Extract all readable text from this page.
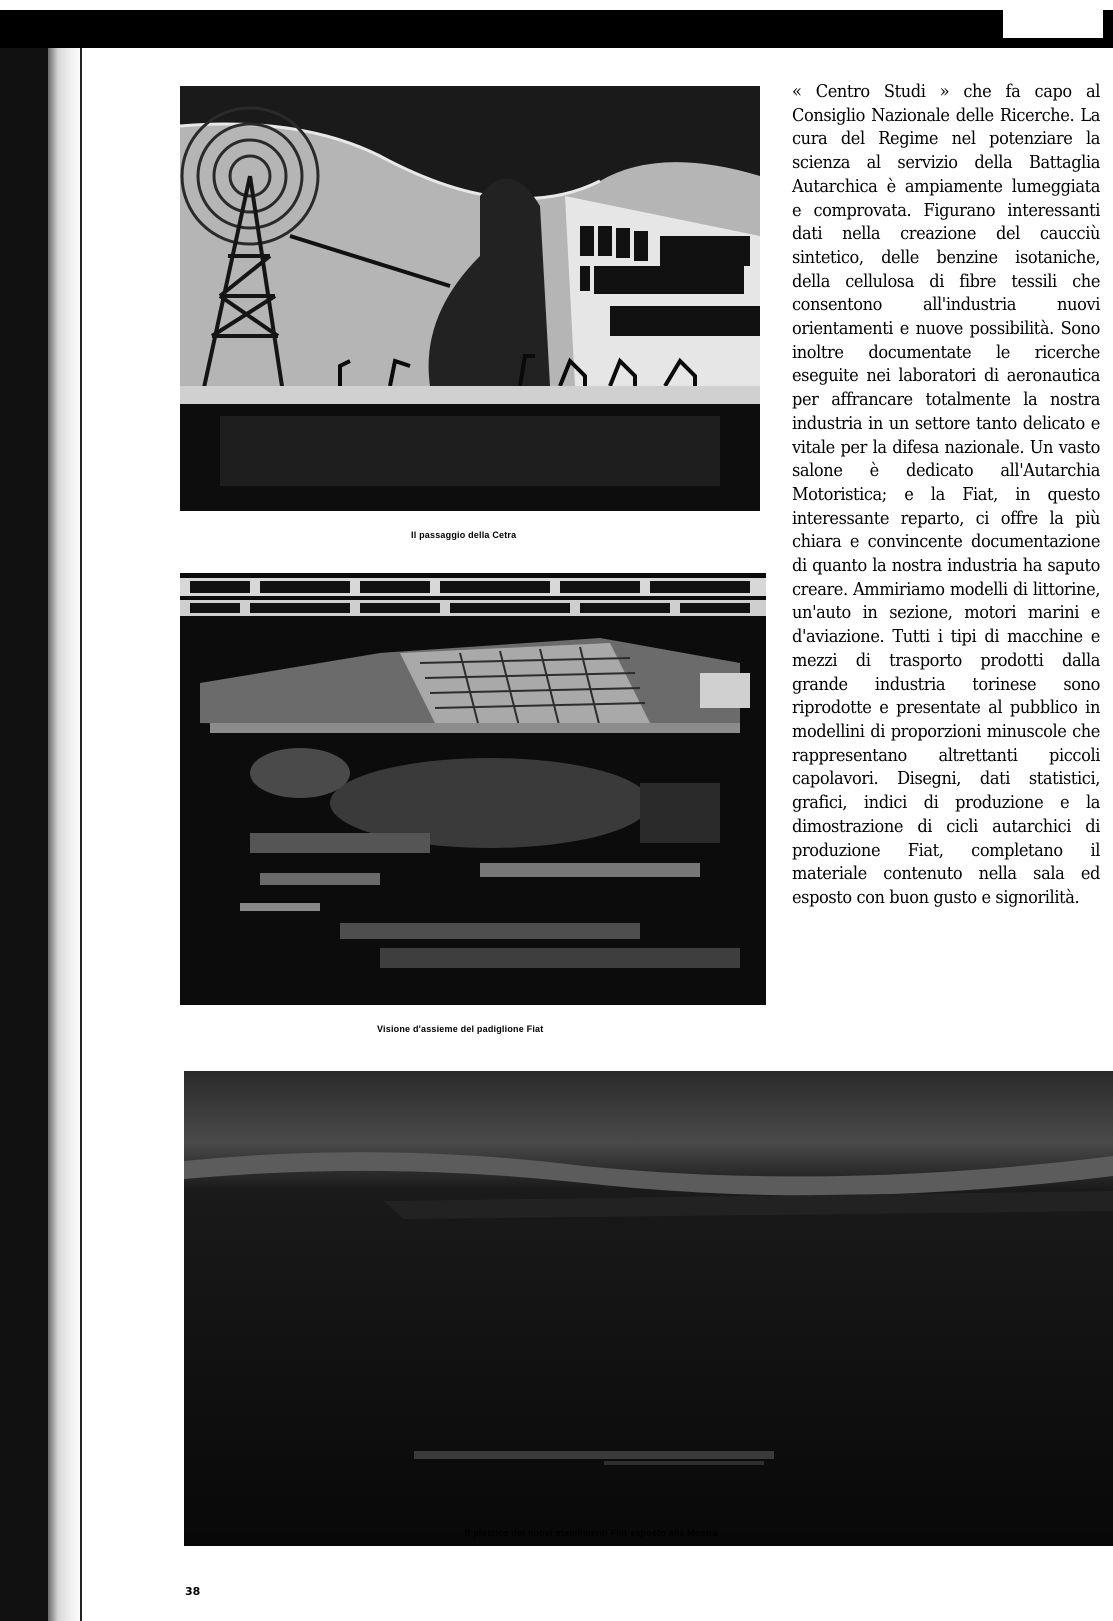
Il passaggio della Cetra
Visione d'assieme del padiglione Fiat
Il plastico dei nuovi stabilimenti Fiat esposto alla Mostra

« Centro Studi » che fa capo al Consiglio Nazionale delle Ricerche. La cura del Regime nel potenziare la scienza al servizio della Battaglia Autarchica è ampiamente lumeggiata e comprovata. Figurano interessanti dati nella creazione del caucciù sintetico, delle benzine isotaniche, della cellulosa di fibre tessili che consentono all'industria nuovi orientamenti e nuove possibilità. Sono inoltre documentate le ricerche eseguite nei laboratori di aeronautica per affrancare totalmente la nostra industria in un settore tanto delicato e vitale per la difesa nazionale. Un vasto salone è dedicato all'Autarchia Motoristica; e la Fiat, in questo interessante reparto, ci offre la più chiara e convincente documentazione di quanto la nostra industria ha saputo creare. Ammiriamo modelli di littorine, un'auto in sezione, motori marini e d'aviazione. Tutti i tipi di macchine e mezzi di trasporto prodotti dalla grande industria torinese sono riprodotte e presentate al pubblico in modellini di proporzioni minuscole che rappresentano altrettanti piccoli capolavori. Disegni, dati statistici, grafici, indici di produzione e la dimostrazione di cicli autarchici di produzione Fiat, completano il materiale contenuto nella sala ed esposto con buon gusto e signorilità.

38
